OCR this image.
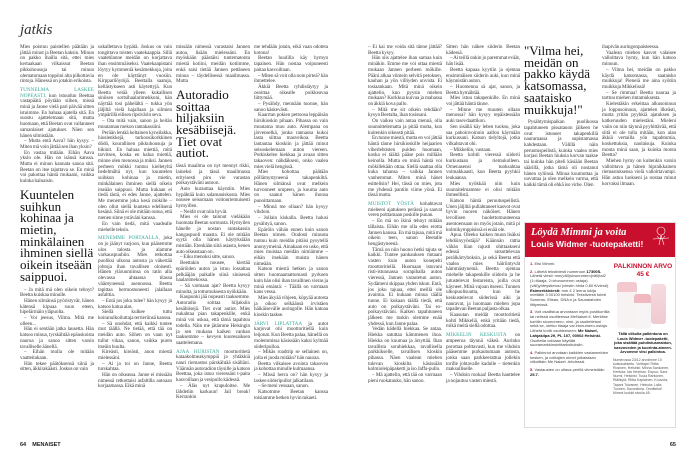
jatkis

Mies poistuu paistellen päätään ja jättää minut ja Beetan kaksin. Minun on pakko ihailla sitä, ettei mies kertaakaan vilkaissut Beetan pikkuhousuja tai minun olematomaan toppiini alta pilkottavia rintoja. Hänessä on jotakin erikoista.

TUNNELMA LASKEE NOPEASTI, kun istuudun Beettaa vastapäätä pöytään siihen, missä minä ja Janne vielä pari päivää sitten istuimme. En haluaa ajatella sitä. En suostu ajattelemaan sitä, mutta huomaan, että Beetan ovat vallanneet samanlaiset ajatukset. Näen sen hänen silmistään.

– Mutta entä Aava? hän kysyy. – Miten mä voin jättää sen ihan yksin?

En vastaa mitään. Eihän Aava yksin ole. Hän on isänsä kanssa. Mutta ei minun kannata sanoa sitä. Beetan on itse tajuttava se. En minä voi pakottaa häntä mukaani, vaikka kuinka haluaisin.

Kuuntelen suihkun kohinaa ja mietin, minkälainen ihminen siellä oikein itseään saippuoi.

– Ja mitä mä olen oikein tehnyt? Beetta kuiskaa minulle.

Hänen silmänsä pyöristyvät, hänen kätensä kipuaa suun eteen, hipelärmäin yläpuolta.

– Voi jeesus, Vilma. Mitä me olleen...

Hän ei sentään jatka lausetta. Hän katsoo minua, tyrskähtää epäuskoista naurua ja sanoo sitten varsin tavalliselle äänellä.

– Eihän mulla ole mitään vaatteitakaan.

Hän tekee päätöksensä siinä ja sitten, äkkirakäästi. Joskus on vain

uskallettava hypätä. Joskus on vain tongittava toisten vaatekaappia. Sillä vaatetilanne meidän on korjattava ihan ensimmäiseksi. Vaatekaapistani löytyy kymmeniä kesämekkoja, joita en ole käyttänyt vuosiin. Kirpparilöytöjä. Beettalla saatuja, kellästykseen asti käytettyjä. Kun Beetta vetää ylleen kukallisen siniisen sortsihaalarimekkoni, hän näyttää tosi pähelältä – tukka yön jäljiltä vielä hajallaan ja silmien ympärillä eilisen ripsivärin seva.

– Ota mitä vain, sanon ja heitän muutaman mekon rantakassiini.

Perään lentää keltainen kynsilakka, hiuslenkkejä, turkoosikorkkinen dödö, kourallinen pikkuhousuja ja bikinit. En haluaa miettiä, mitä tarvitsen, koska en halua miettiä, minne olen menossa ja miksi. Jannen perheen mökki tuntuu kielletyltä hedelmältä nyt, kun kuuntelen suihkun kohinaa ja mietin, minkälainen ihminen siellä oikein itseään saippuoi. Mutta kukaan ei tiedä tästä, ei edes Janne, ajattelen. Me menemme joka kesä mökille – olen ollut siellä kuutena edellisenä kesänä. Siinä ei ole mitään outoa, että menen sinne ystäväni kanssa.

En vain tiedä, mitä vaadealle miehelle teksin.

MENEMME PORTAALLA, joka on jo jäänyt varjoon, kun pääsemme ulos talosta ja alamme varkauspuuhiin. Mies retkottaa puoliksi ulkona autosta ja väkertää johtoja ihan tavallisen oloisesti. Hänen yläruumiinsa on ratin alla olevassa ahtaassa tilassa vääntyneessä asennossa. Beetta tapittaa hermostuneesti jalallaan asfalttia.

– Entä jos joku tulee? hän kysyy ja katsoo katua alas.

Siellä kulkee tuttu koiranulkoiluttaja terrieriinsä kanssa.

– Sä unohdat, että kaikki tuntee mut täällä. Ne tietää, että tää on meidän auto. Siihen on vaan nyt tullut vikaa, sanon, vaikka puren itseäin huulta.

Kireästi, kireästi, anon miestä mielessäni.

– Ai ja toi on Janne, Beetta turskahtaa.

Hän on oikeassa. Janne ei missään nimessä retkottaisi asfaltilla autoaan korjaamassa. Eikä minä

missään nimessä varastaisi Jannen autoa, lisään mielessäni. En myöskään päästäisi tuntematonta miestä kotiini, meidän kotiimme, enkä saisi tietää Jannen pettäneen minua – täydellisessä maailmassa. Mutta

Autoradio soittaa hiljaksiin kesäbiisejä. Tiet ovat autiot.

tässä maailma on nyt mennyt rikki, laineksi ja tässä maailmassa erityisesti piru vie varastan poikaystäväni autoon.

Auto hurauttaa käyntiin. Mies hypähtää kuin salamaniskusta. Mies nousee seisomaan voitonriemuisesti hymyillen.

– Neidit ovat niin hyvät.

Mies ei ole tainnut vieläkään huomata Beetan sormusta. Hymyilen hänelle ja nostan rantakassin kangaspuoli maasta. Ei ole mitään syytä olla hänen käytyksiään mistään. Etenkään siitä asiasta, kenen auto oikeastaan on.

– Eiku menoksi sitte, sanon.

Beettakin nousee, kiertää epäröiden auton ja istuu lossaltaa pelkääjän paikalle siinä sinisessä haalarimekossa.

– Sä varmaan ajat? Beetta kysyy minulta, ja tottumuksesta nyökkään.

Kaupunki jää nopeasti taaksemme. Autoradio soittaa hiljaksiin kesäbiisejä. Tiet ovat autiot. Mies nukahtaa pian takapenkille, enkä minä voi uskoa, että tämä tapahtuu todella. Näin me jätämme Helsingin ja sen mukana kaiken vanhan taaksemme – kevyen kuoresaiksen saattelemana.

AJAA HURISTAN moottoritietä kataakolmeakymppiä ja yhtäkkiä nauri riemastus pärskähtää sisälläni. Väännän autoradion täysille ja katson Beettaa, joka istuu vieressäni t-paita kasvoillaan ja vesipullo kädessä.

– Äläs nyt krapuloitse. Me lähdetiin karkuun! Jail break! Kerrankin

me tehdään jotain, eikä vaan odoteta kotona!

Beetan huulilla käy hymyn tapainen. Hän nostaa voipuneesti paitaa kasvoiltaan.

– Miten sä voit olla noin pirteä? hän ihmettelee.

Äkkiä Beetta ryhdistäytyy ja osoittaa oikealle poikkeavaa liittymää.

– Pysähdy, mennään tuonne, hän sanoo käskevästi.

Kaarrtan pokien pettoosa leppäisän hirsikioskin pihaan. Pihassa on vain muutama muu auto. Alempana on järvenselkä, jonka rannassa kukoi lasta siittaa masveikoa. Beetta lantautaa kioskiin ja jättää minut seisoskelemaan auton viereen. Potkiskelen hiekkaa ja avaan sitten takaoven: nähdäkseni, onko vaalea mies vielä hengissä.

Mies kohottaa päätään pöllämystyneenä takapenkiltä. Hänen silmänsä ovat melkein turvonneet umpeen, ja kuuma auto on saanut hänen ihonsa punoittamaan.

– Minnä me ollaan? hän kysyy vihdoin.

– Jollain kiskalla. Beetta halusi pysähtyä, sanon.

Epäröin vähän ennen kuin sanon Beetan nimen. Oudosti minusta tuntuu kuin meidän pitäisi pysytellä anonyymeinä. Ainakaan en usko, että mies muistaa meidän nimiämme – eihän itsekään muista hänen nimeään.

Katson miestä hetken ja sanon sitten huomaamattomasti pyrkoen kuin hän olisi ihan tavallinen vieras ja minä emäntä: – Täällä on varmaan kans vessa.

Mies äkyää vihjeen, köpyää autosta ja oikoo selkäänsä irvistäen häikäisevälle auringolle. Hän katoaa kioskin taakse.

JÄRVI LIPLATTAA ja autot karjovat ohi moottoritiellä kuin leijonat. Kun Beetta palaa, hänellä on molemmissa käsissään kaksi kylmää siideripulloa.

– Mikäs roadtrip se sellainen on, jolla ei juoda mitään? hän nauraa.

Beetta vilkaisee avointa takaovea ja kohottaa minulle kulmaansa.

– Missä herra on? hän kysyy ja laskee siideripullot jalkatilaan.

– Se meni vessaan, sanon.

Katsomme Beetan kanssa toisiamme hetken hyvin tukaeti.

64 MENAISET

– Ei kai me voida sitä tänne jättää? Beetta kysyy.

Hän siis ajattelee ihan samaa kuin minäkin. Emme me voi ottaa miestä mukaan Jannen perheen mökille. Pääni alkaa viimein selvitä petoksen, kauhan ja yön villiyden unvista. Ei tosiaankaan. Mitä minä oikein ajattelin, kun pyysin miehen mukaan? Kurkkua kuivaa ja mahassa on äkkiä kova pallo.

– Mitä me sit oikein tehdään? kysyn Beetalta, ihan tosissani.

On vaikea vain antaa mennä, olla suunnittelematta ja pitää mutta, kun kuitenkin oikeasti pitää.

En tunne miestä, mutta en voi jättää häntä tänne hirsikioskille heijaarien viherlehtisten puiden huomaan, koska ei täältä pääse pois millään keinolla. Mutta en minä häntä voi mökillekään ottaa. Siellä saattaa olla kuka tahansa – vaikka Jannen vanhemmat. Miten minä hänet esittelisin? Hei, tässä on mies, jota me yhdessä pantiin viime yönä. Ei tässä mutta.

MUISTOT YÖSTÄ kohahtavat mieleeni ajatuksen perässä ja saavat veren polttamaan poskille punan.

– En mä oo ikinä tehnyt mitään tällaista. Eihän me olla edes erotta Jannen kanssa. En mä tajuaa, mitä mä oikein teen, sanon Beetalle hengästyneenä.

Tämä on niin huono hetki tajuta se kaikki. Tuntee pankauksen rintaani vasten kuin auton konepelti moottoritiellä. Huomaan istuvani risti-istunnassa sorapihalla auton vieressä, Jannen varastetun auton. Sydämeni skippaa yhden iskun. Entä, jos joku tajuaa, ettei meillä ole avaimia. Ei kukaan minua täällä tunne. Ei kukaan täällä tiedä, että auto on poikaystäväni. Tai ex-poikaystäväni. Kaiken tapahtuneen jälkeen me tuskin olemme enää yhdessä, kun Janne palaa.

Vedän kädellä hiekkaa. Se antaa. Hiekka satuttaa kämmenen ihoa. Hiekka on kuumaa ja ärsyttää. Ihan tavallista sorahiekkaa, tavallisella parkkikselle, tavallisen kioskin pihassa. Näen vaalean miehen tulevan kioskilta käsissään kolmioleipäpaketti ja iso Jaffa-pullo.

– Mä ajattelin, että tää on varmaan pieni ruokatauko, hän sanoo.

Sitten hän näkee siiderin Beetan kädessä.

– Ai teillä onkin jo paremmat eväät, hän lisää.

Beetta kapaaa kyytiin ja ojentaa ensimmäisen siiderin auki, kun minä käynnistän auton.

– Huomenna sä ajat, sanon, ja Beetta hymähtää.

Mies istuu takapenkille. En minä voi jättää häntä tänne.

– Minne me muuten ollaan menossa? hän kysyy repäistessään auki rasevdaattikon.

Sen sisällä käy leben tuoksu, joka saa pahoinvoinnin aallon käymään kurkussani. Katson tielyltojä, jotka vilkahtavat ohi.

– Mikkeliin, vastaan.

Beetta kohtii vieressä siiderii kurkustaan ja riemukolleen. Ornenasensi tuoksahtaa voimakkaasti, kun Beetta pyyhkii leukaansa.

Mies nyökkää niin kuin suunnitelmamme ei olisi mitään ihmeellistä.

Katson häntä peruutuspeilistä. Unen jäljiltä pullahtaneet kasvot ovat hyvin nuoren näköiset. Hänen levollisen huolettomuuteensa asentoensaan on myös jotain, mitä pi kolmikymppisissä ei enää ole.

Apua. Oleeko kaiken muun lisäksi lehdöinyyöstäjä? Käännän rattia vähän liian rajusti ohittaakseni edessä ratsuttelevan perälkärryboksin, ja sekä Beetta että vaalea mies häiriintyvät hämmästyneinä. Beetta ojentaa miehelle takapenkille siiderin ja he jutustelevat festareista, joilla ovat käyneet. Minä vajoan itseeni. Tunnen ulkopuolisuutta, kun he keskustelevat siiderissä aiki ja nauravat, ja huomaan miehen jopa tapailevan Beetan paljasta olkaa.

Kaasutan meidät moottoritietä kohti Mikkeliä, enkä yritään tiedä, mikä meitä siellä odottaa.

MIKKELIN KESKUSTA on ampeeroa täynnä väkeä. Aurinko porottaa polttavasti, kun me vihdoin pääsemme purkautumaan autosta, jonka saan parkkeerattua jollekin torille johtavalle kadulle – tietenkin maksulliselle.

– Vihdoin ruokaa! Beetta hauttelee ja nojautuu vasten miestä.

"Vilma hei, meidän on pakko käydä katsomassa, saataisko muikkuja!"

Pysähtymispaikan puolikossa tapahtuneen pissatauon jälkeen he ovat istuneet takapenkillä nauramassa ja supistamassa kahdestaan. Välillä näin peruutuspeilistä, kuinka vaalea mies korjasi Beetan hiuksia korvan taakse tai kuinka hän piteli käsiään Beetan säärillä, jotka tämä oli nostanut hänen syliinsä. Minua kuumottaa ja uuvuttaa ja olen melkein varma, että kaikki tämä oli ehkä iso virhe. Olen

ihapivän auringonpaisteessa.

Vaalean miehen kasvot valaisee valloittava hymy, kun hän katsoo minuun.

– Vilma hei, meidän on pakko käydä katsomassa, saataisko muikkuja! Pieneiä me aina syötiin muikkuja Mikkelissä!

– Se rimmaa! Beetta nauraa ja tarttuu miehen rintamuksesta.

Kielestäkin erkeittaa alkusoinnun ja loppusoinnun, ajattelen ilkeästi, mutta yritän pyyhkiä ajatuksen ja katkeruuden mielestäni. Mieleni vaiin on niin täynnä pyyhittävää, että siitä ei ole tulla mitään, kun alan äkkiä vertailla yön tapahtumia, koskettuksia, naolaisuja. Kuinka monta minä saan, ja kuinka monta Beetta?

Miehen hymy on kuitenkin varsin valloittava ja hänen hipraikkainen riemastuksensa vielä valloittavampi. Hän astuu luokseni ja nostaa minut korvaksi ilmaan.

65
Löydä Mimmi ja voita
Louis Widmer -tuotepaketti!
1. Etsi Mimmi.
2. Lähetä tekstiviesti numeroon 17300S. Lähetä viesti: mm(väli)sivunumero(väli)tai2 (1=tilaaja, 2=irtonumeron ostaja) (väli)yhteystietosi (viestin hinta 0,60 €/viesti). Esimerkkiviesti: mm 4 2 leena lukija mettätie 3 00100 helsinki. Tekstiviesti toimii Soneran, Elisan, DNA:n ja Saunalahden liittymissä.
3. Voit osallistua arvontaan myös postikortilla tai netissä osoitteessa MeNaiset.fi. Merkitse korttiin sivunumero, nimi- ja osoitetietosi sekä se, oletko tilaaja vai irtonumero-ostaja. Lähetä kortti osoitteeseen: Me Naiset, Lahjakilpa 29, PL 107, 00002 Helsinki. Osoitetta voidaan käyttää suoramarkkinointitarkoituksiin.
4. Palkinnot arvotaan kaikkien vastanneiden kesken, ja voittajien nimet julkaistaan viikoittain Me Naiset -lehdessä.
5. Vastausten on oltava perillä viimeistään 25.7.
PALKINNON ARVO 45 €
Tällä viikolla palkintona on Louis Widmer -tuotepaketti, joka sisältää puhdistusmaidon, kasvoveden ja kuorinta-aineen. Arvomme viisi palkintoa.
Numerossa 23/12 arvoimme 10 kutsukakkeitu. Voittajat: Riitta Rosinen, Helsinki; Minna Sankonen, Kerituta; Ida Hedman, Espoo; Sara Nurmi, Helsinki; Tuula Rantonen, Riällkylä; Riitta Kapiainen, Kouvola; Tapani Toivanen, Heinola; Laila Tuonen, Savonlinna. Onnittelut! Mimmi luokkii sivulla 48.
